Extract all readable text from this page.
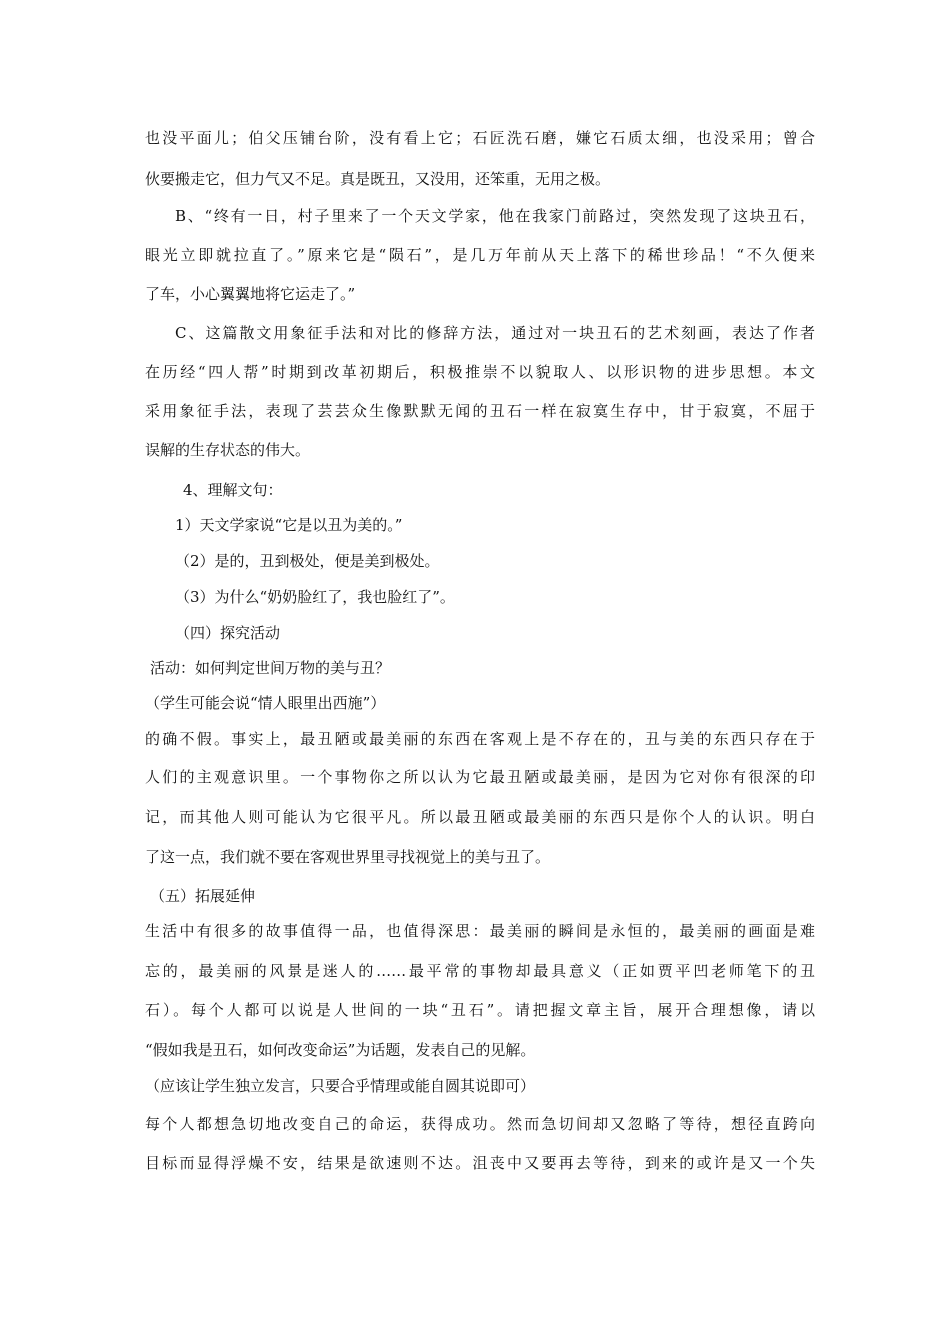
也没平面儿；伯父压铺台阶，没有看上它；石匠洗石磨，嫌它石质太细，也没采用；曾合
伙要搬走它，但力气又不足。真是既丑，又没用，还笨重，无用之极。
B、“终有一日，村子里来了一个天文学家，他在我家门前路过，突然发现了这块丑石，
眼光立即就拉直了。”原来它是“陨石”，是几万年前从天上落下的稀世珍品！“不久便来
了车，小心翼翼地将它运走了。”
C、这篇散文用象征手法和对比的修辞方法，通过对一块丑石的艺术刻画，表达了作者
在历经“四人帮”时期到改革初期后，积极推崇不以貌取人、以形识物的进步思想。本文
采用象征手法，表现了芸芸众生像默默无闻的丑石一样在寂寞生存中，甘于寂寞，不屈于
误解的生存状态的伟大。
4、理解文句：
1）天文学家说“它是以丑为美的。”
（2）是的，丑到极处，便是美到极处。
（3）为什么“奶奶脸红了，我也脸红了”。
（四）探究活动
活动：如何判定世间万物的美与丑？
（学生可能会说“情人眼里出西施”）
的确不假。事实上，最丑陋或最美丽的东西在客观上是不存在的，丑与美的东西只存在于
人们的主观意识里。一个事物你之所以认为它最丑陋或最美丽，是因为它对你有很深的印
记，而其他人则可能认为它很平凡。所以最丑陋或最美丽的东西只是你个人的认识。明白
了这一点，我们就不要在客观世界里寻找视觉上的美与丑了。
（五）拓展延伸
生活中有很多的故事值得一品，也值得深思：最美丽的瞬间是永恒的，最美丽的画面是难
忘的，最美丽的风景是迷人的……最平常的事物却最具意义（正如贾平凹老师笔下的丑
石）。每个人都可以说是人世间的一块“丑石”。请把握文章主旨，展开合理想像，请以
“假如我是丑石，如何改变命运”为话题，发表自己的见解。
（应该让学生独立发言，只要合乎情理或能自圆其说即可）
每个人都想急切地改变自己的命运，获得成功。然而急切间却又忽略了等待，想径直跨向
目标而显得浮燥不安，结果是欲速则不达。沮丧中又要再去等待，到来的或许是又一个失
